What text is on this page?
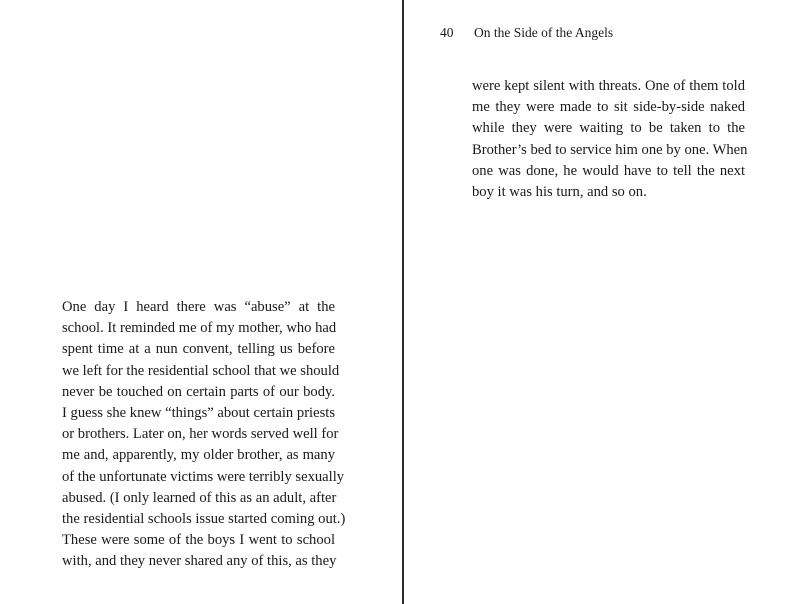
One day I heard there was “abuse” at the
school. It reminded me of my mother, who had
spent time at a nun convent, telling us before
we left for the residential school that we should
never be touched on certain parts of our body.
I guess she knew “things” about certain priests
or brothers. Later on, her words served well for
me and, apparently, my older brother, as many
of the unfortunate victims were terribly sexually
abused. (I only learned of this as an adult, after
the residential schools issue started coming out.)
These were some of the boys I went to school
with, and they never shared any of this, as they
40 On the Side of the Angels
were kept silent with threats. One of them told
me they were made to sit side-by-side naked
while they were waiting to be taken to the
Brother’s bed to service him one by one. When
one was done, he would have to tell the next
boy it was his turn, and so on.
